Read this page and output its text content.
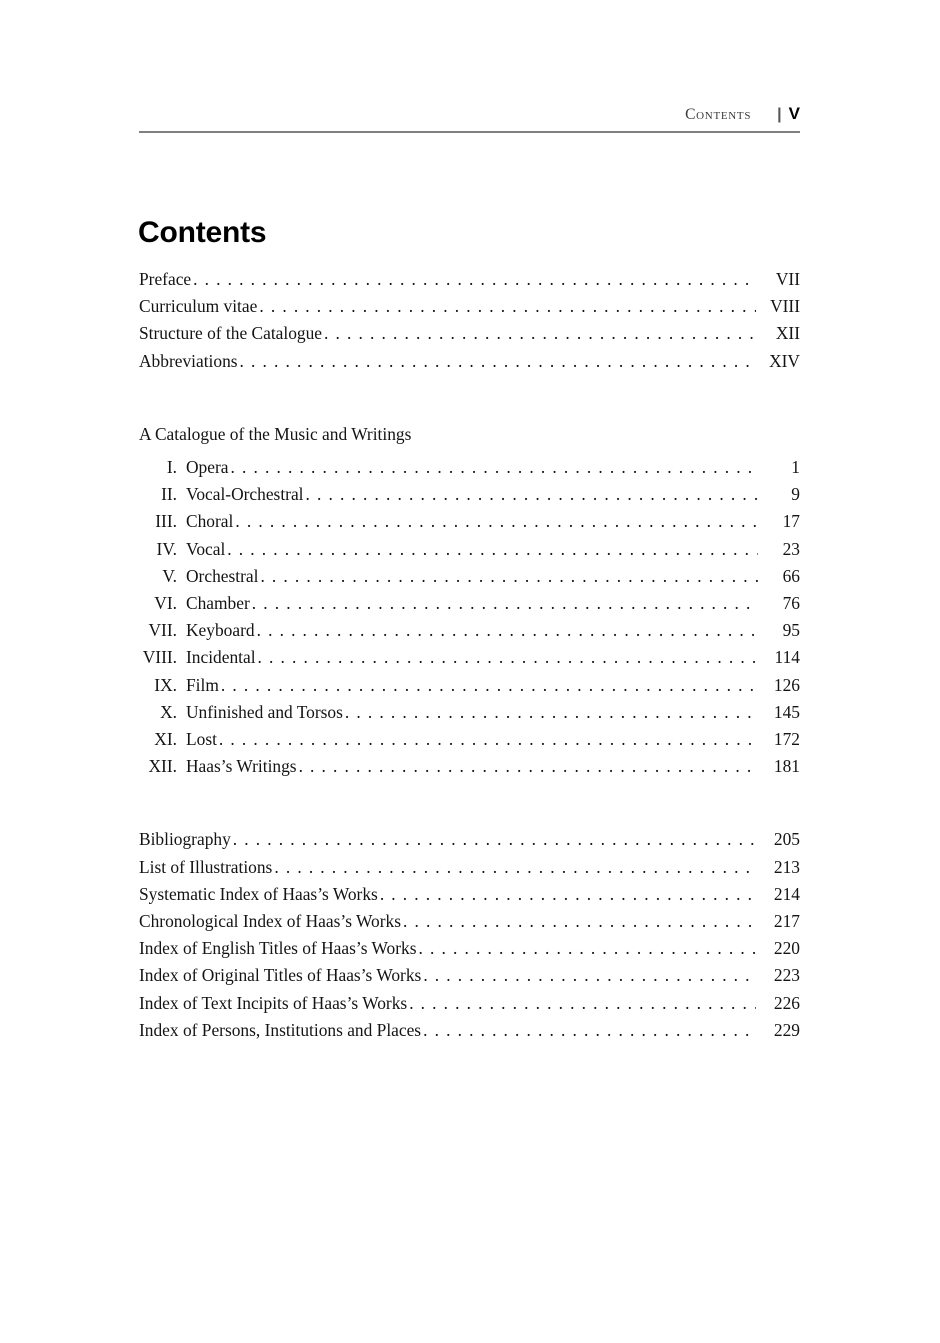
Contents | V
Contents
Preface . . .	VII
Curriculum vitae . . .	VIII
Structure of the Catalogue . . .	XII
Abbreviations . . .	XIV
A Catalogue of the Music and Writings
I. Opera . . .	1
II. Vocal-Orchestral . . .	9
III. Choral . . .	17
IV. Vocal . . .	23
V. Orchestral . . .	66
VI. Chamber . . .	76
VII. Keyboard . . .	95
VIII. Incidental . . .	114
IX. Film . . .	126
X. Unfinished and Torsos . . .	145
XI. Lost . . .	172
XII. Haas’s Writings . . .	181
Bibliography . . .	205
List of Illustrations . . .	213
Systematic Index of Haas’s Works . . .	214
Chronological Index of Haas’s Works . . .	217
Index of English Titles of Haas’s Works . . .	220
Index of Original Titles of Haas’s Works . . .	223
Index of Text Incipits of Haas’s Works . . .	226
Index of Persons, Institutions and Places . . .	229
